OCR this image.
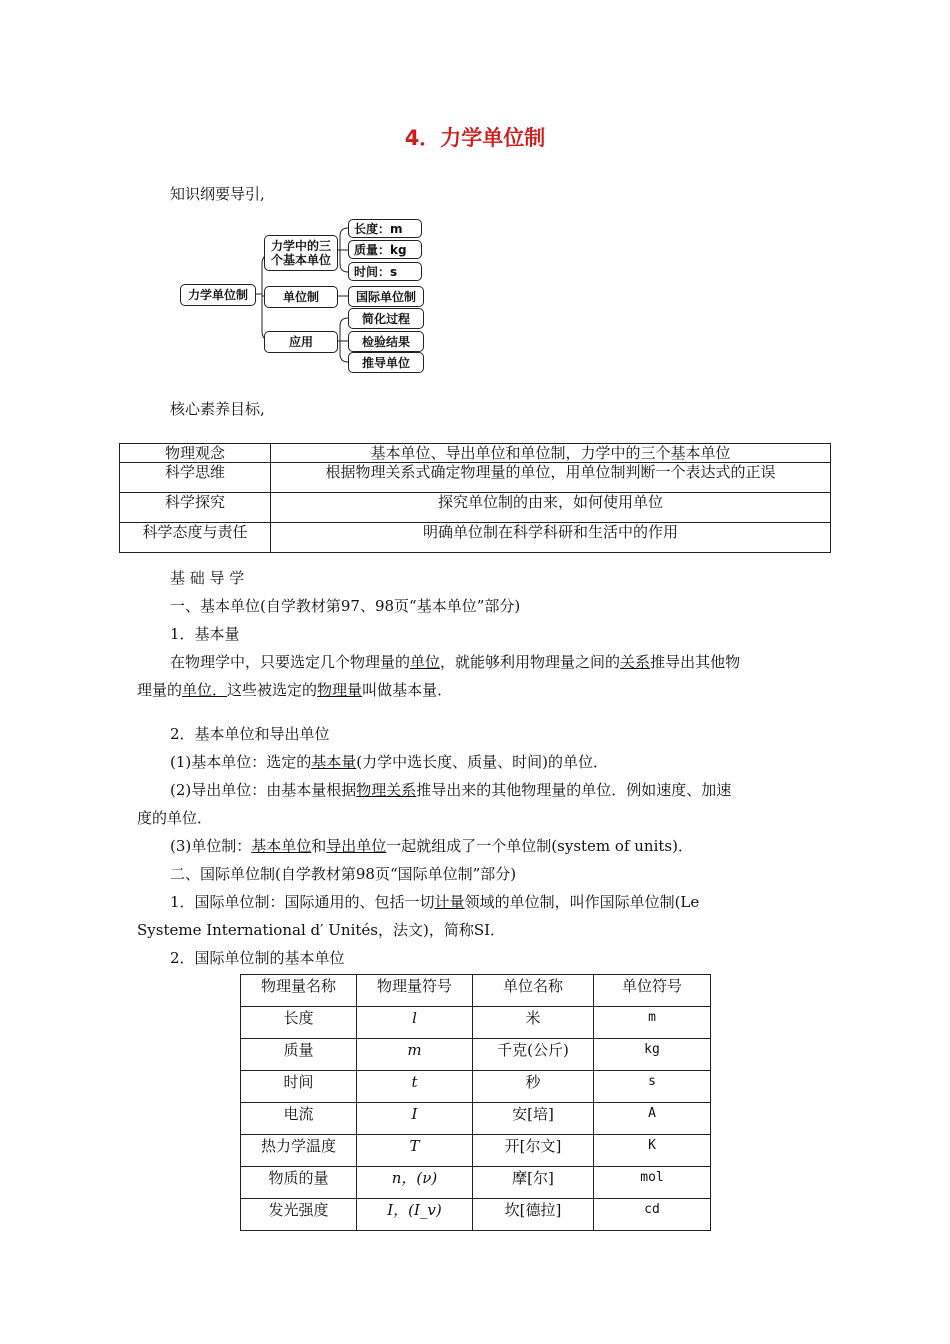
4．力学单位制
知识纲要导引,
力学单位制
力学中的三
个基本单位
单位制
应用
长度：m
质量：kg
时间：s
国际单位制
简化过程
检验结果
推导单位
核心素养目标,
物理观念	基本单位、导出单位和单位制，力学中的三个基本单位
科学思维	根据物理关系式确定物理量的单位，用单位制判断一个表达式的正误
科学探究	探究单位制的由来，如何使用单位
科学态度与责任	明确单位制在科学科研和生活中的作用
基 础 导 学
一、基本单位(自学教材第97、98页“基本单位”部分)
1．基本量
在物理学中，只要选定几个物理量的单位，就能够利用物理量之间的关系推导出其他物
理量的单位．这些被选定的物理量叫做基本量．
2．基本单位和导出单位
(1)基本单位：选定的基本量(力学中选长度、质量、时间)的单位．
(2)导出单位：由基本量根据物理关系推导出来的其他物理量的单位．例如速度、加速
度的单位．
(3)单位制：基本单位和导出单位一起就组成了一个单位制(system of units)．
二、国际单位制(自学教材第98页“国际单位制”部分)
1．国际单位制：国际通用的、包括一切计量领域的单位制，叫作国际单位制(Le
Systeme International d′ Unités，法文)，简称SI．
2．国际单位制的基本单位
物理量名称	物理量符号	单位名称	单位符号
长度	l	米	m
质量	m	千克(公斤)	kg
时间	t	秒	s
电流	I	安[培]	A
热力学温度	T	开[尔文]	K
物质的量	n，(ν)	摩[尔]	mol
发光强度	I，(I_v)	坎[德拉]	cd
